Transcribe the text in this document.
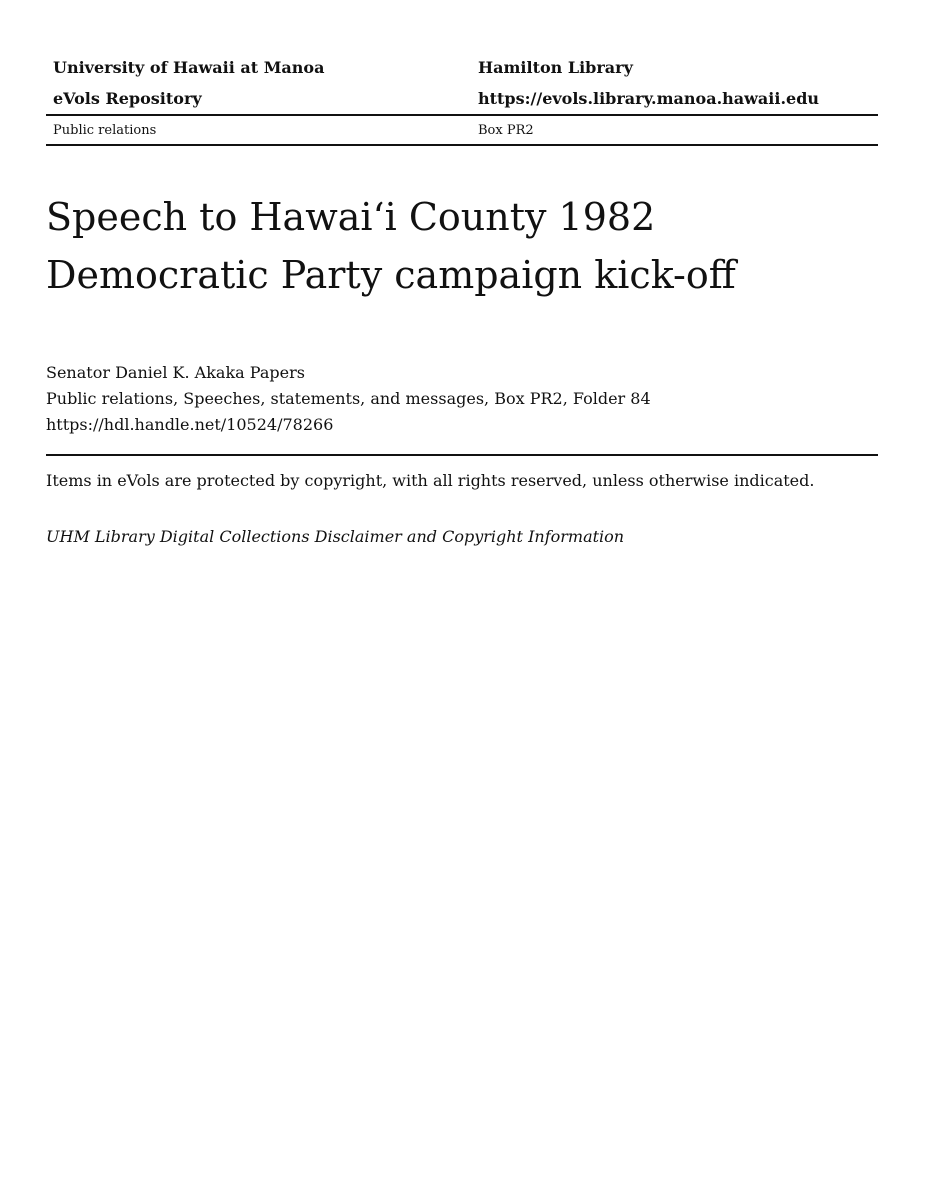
University of Hawaii at Manoa	Hamilton Library
eVols Repository	https://evols.library.manoa.hawaii.edu
Public relations	Box PR2
Speech to Hawai‘i County 1982
Democratic Party campaign kick-off
Senator Daniel K. Akaka Papers
Public relations, Speeches, statements, and messages, Box PR2, Folder 84
https://hdl.handle.net/10524/78266
Items in eVols are protected by copyright, with all rights reserved, unless otherwise indicated.
UHM Library Digital Collections Disclaimer and Copyright Information
